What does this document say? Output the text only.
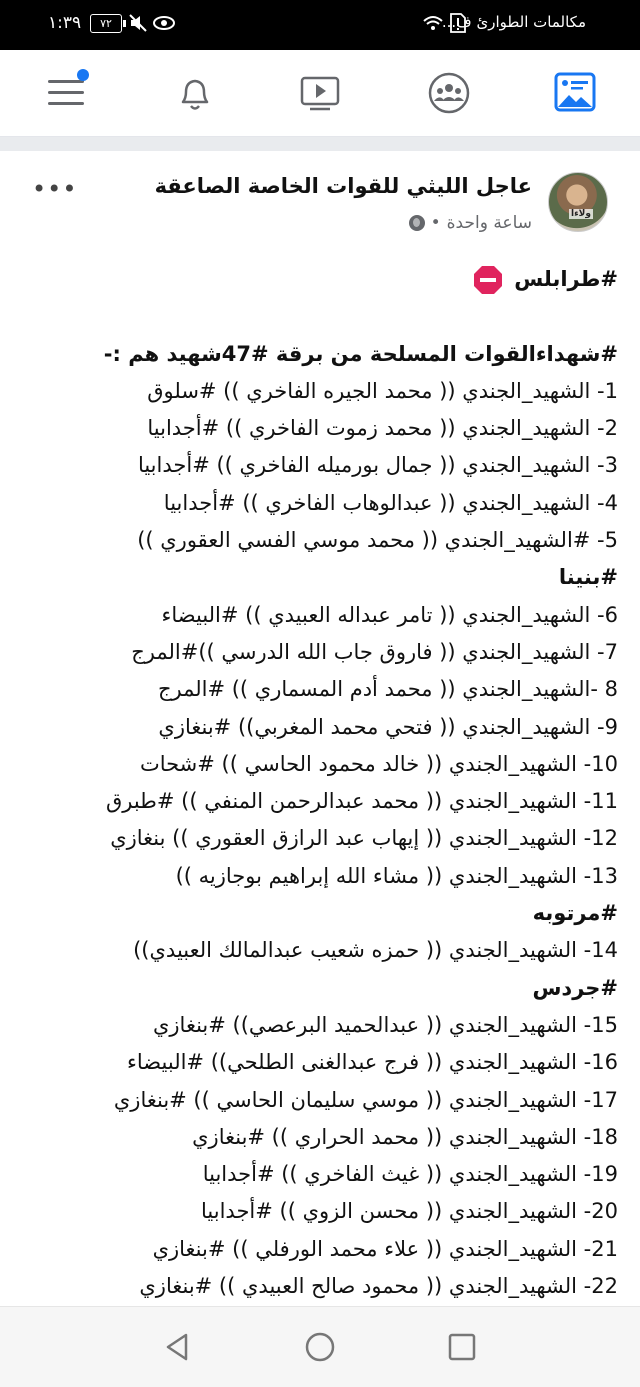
١:٣٩	٧٢	مكالمات الطوارئ ف...
ولاءا
عاجل الليثي للقوات الخاصة الصاعقة
ساعة واحدة
•
•••
#طرابلس
#شهداءالقوات المسلحة من برقة #47شهيد هم :-
1- الشهيد_الجندي (( محمد الجيره الفاخري )) #سلوق
2- الشهيد_الجندي (( محمد زموت الفاخري )) #أجدابيا
3- الشهيد_الجندي (( جمال بورميله الفاخري )) #أجدابيا
4- الشهيد_الجندي (( عبدالوهاب الفاخري )) #أجدابيا
5- #الشهيد_الجندي (( محمد موسي الفسي العقوري ))
#بنينا
6- الشهيد_الجندي (( تامر عبداله العبيدي )) #البيضاء
7- الشهيد_الجندي (( فاروق جاب الله الدرسي ))#المرج
8 -الشهيد_الجندي (( محمد أدم المسماري )) #المرج
9- الشهيد_الجندي (( فتحي محمد المغربي)) #بنغازي
10- الشهيد_الجندي (( خالد محمود الحاسي )) #شحات
11- الشهيد_الجندي (( محمد عبدالرحمن المنفي )) #طبرق
12- الشهيد_الجندي (( إيهاب عبد الرازق العقوري )) بنغازي
13- الشهيد_الجندي (( مشاء الله إبراهيم بوجازيه ))
#مرتوبه
14- الشهيد_الجندي (( حمزه شعيب عبدالمالك العبيدي))
#جردس
15- الشهيد_الجندي (( عبدالحميد البرعصي)) #بنغازي
16- الشهيد_الجندي (( فرج عبدالغنى الطلحي)) #البيضاء
17- الشهيد_الجندي (( موسي سليمان الحاسي )) #بنغازي
18- الشهيد_الجندي (( محمد الحراري )) #بنغازي
19- الشهيد_الجندي (( غيث الفاخري )) #أجدابيا
20- الشهيد_الجندي (( محسن الزوي )) #أجدابيا
21- الشهيد_الجندي (( علاء محمد الورفلي )) #بنغازي
22- الشهيد_الجندي (( محمود صالح العبيدي )) #بنغازي
